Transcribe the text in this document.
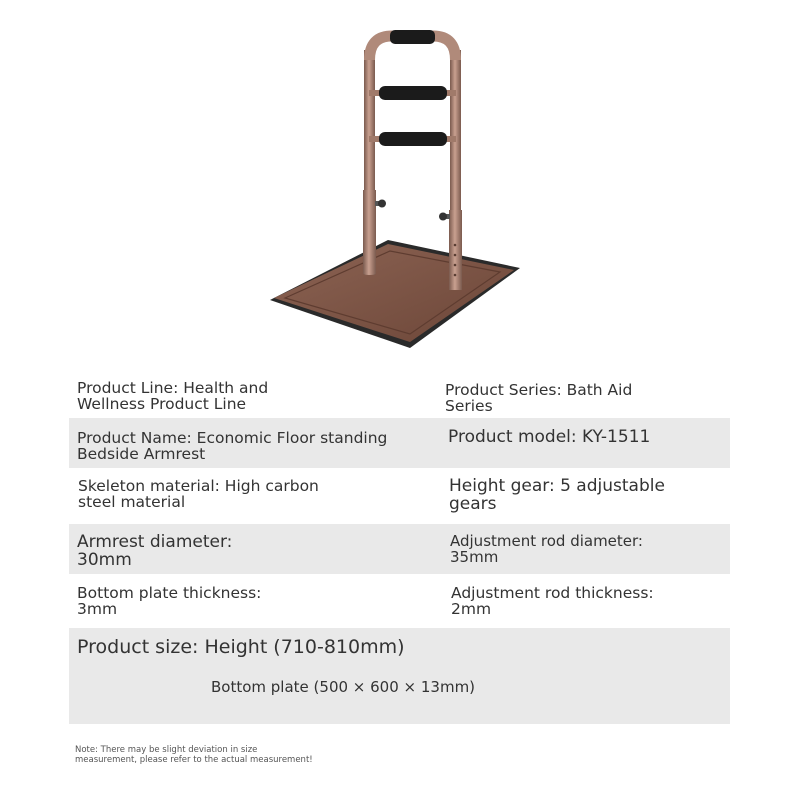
Product Line: Health and
Wellness Product Line
Product Series: Bath Aid
Series
Product Name: Economic Floor standing
Bedside Armrest
Product model: KY-1511
Skeleton material: High carbon
steel material
Height gear: 5 adjustable
gears
Armrest diameter:
30mm
Adjustment rod diameter:
35mm
Bottom plate thickness:
3mm
Adjustment rod thickness:
2mm
Product size: Height (710-810mm)
Bottom plate (500 × 600 × 13mm)
Note: There may be slight deviation in size
measurement, please refer to the actual measurement!
